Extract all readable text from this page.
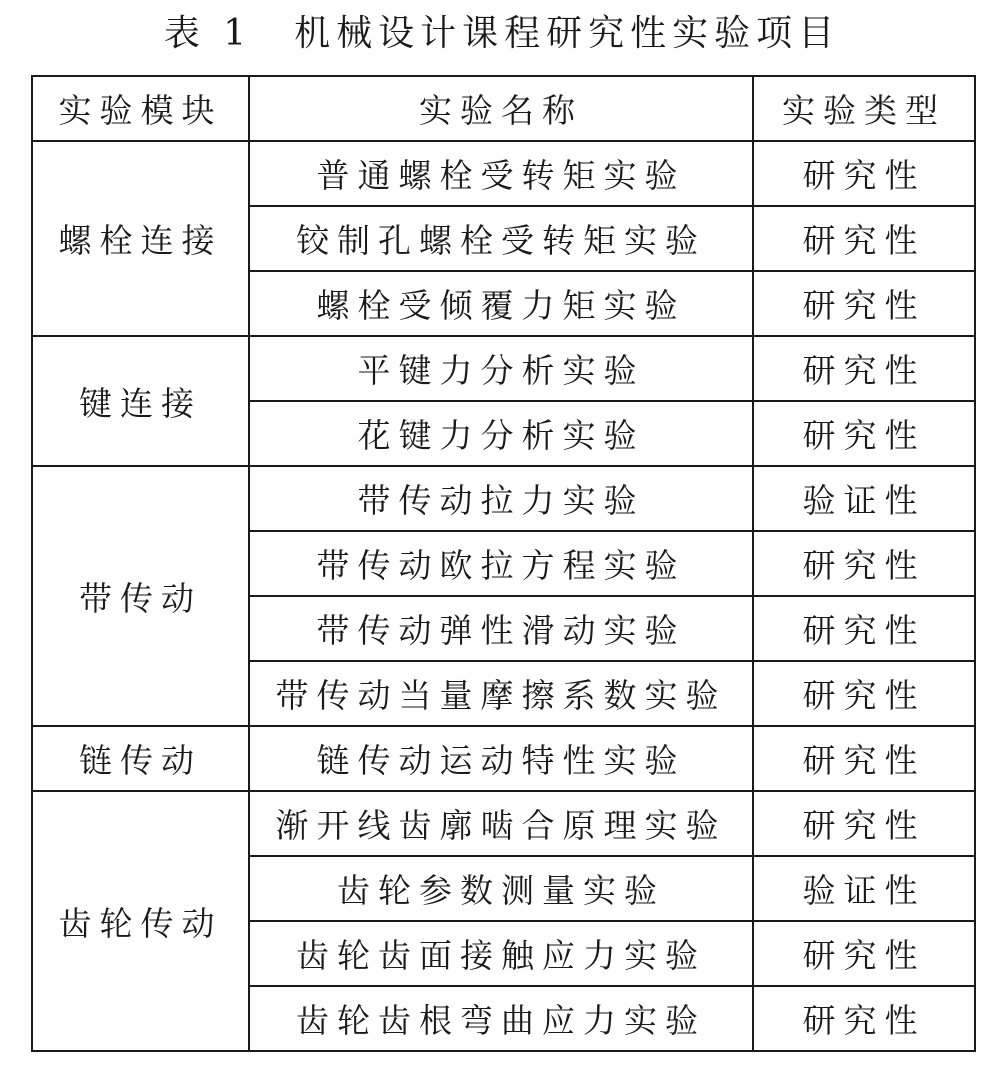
表 1　机械设计课程研究性实验项目
实验模块	实验名称	实验类型
螺栓连接	普通螺栓受转矩实验	研究性
	铰制孔螺栓受转矩实验	研究性
	螺栓受倾覆力矩实验	研究性
键连接	平键力分析实验	研究性
	花键力分析实验	研究性
带传动	带传动拉力实验	验证性
	带传动欧拉方程实验	研究性
	带传动弹性滑动实验	研究性
	带传动当量摩擦系数实验	研究性
链传动	链传动运动特性实验	研究性
齿轮传动	渐开线齿廓啮合原理实验	研究性
	齿轮参数测量实验	验证性
	齿轮齿面接触应力实验	研究性
	齿轮齿根弯曲应力实验	研究性
